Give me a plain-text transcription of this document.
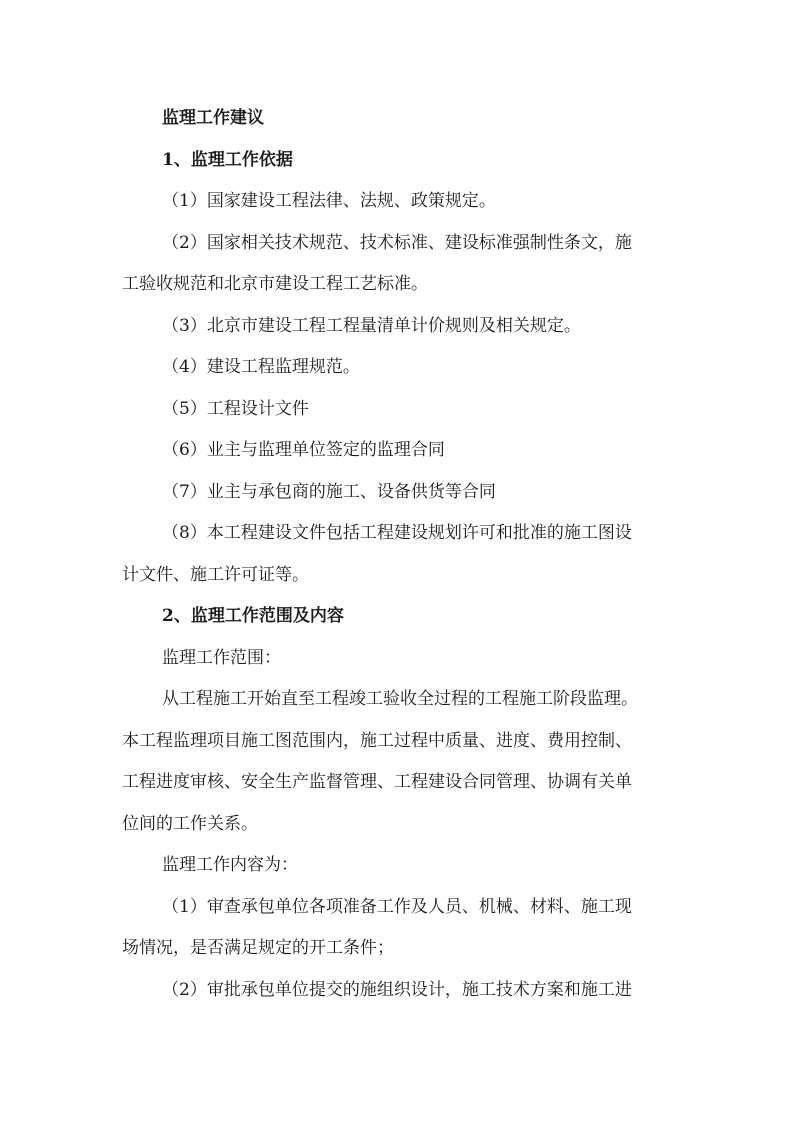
监理工作建议

1、监理工作依据

（1）国家建设工程法律、法规、政策规定。

（2）国家相关技术规范、技术标准、建设标准强制性条文，施

工验收规范和北京市建设工程工艺标准。

（3）北京市建设工程工程量清单计价规则及相关规定。

（4）建设工程监理规范。

（5）工程设计文件

（6）业主与监理单位签定的监理合同

（7）业主与承包商的施工、设备供货等合同

（8）本工程建设文件包括工程建设规划许可和批准的施工图设

计文件、施工许可证等。

2、监理工作范围及内容

监理工作范围：

从工程施工开始直至工程竣工验收全过程的工程施工阶段监理。

本工程监理项目施工图范围内，施工过程中质量、进度、费用控制、

工程进度审核、安全生产监督管理、工程建设合同管理、协调有关单

位间的工作关系。

监理工作内容为：

（1）审查承包单位各项准备工作及人员、机械、材料、施工现

场情况，是否满足规定的开工条件；

（2）审批承包单位提交的施组织设计，施工技术方案和施工进
